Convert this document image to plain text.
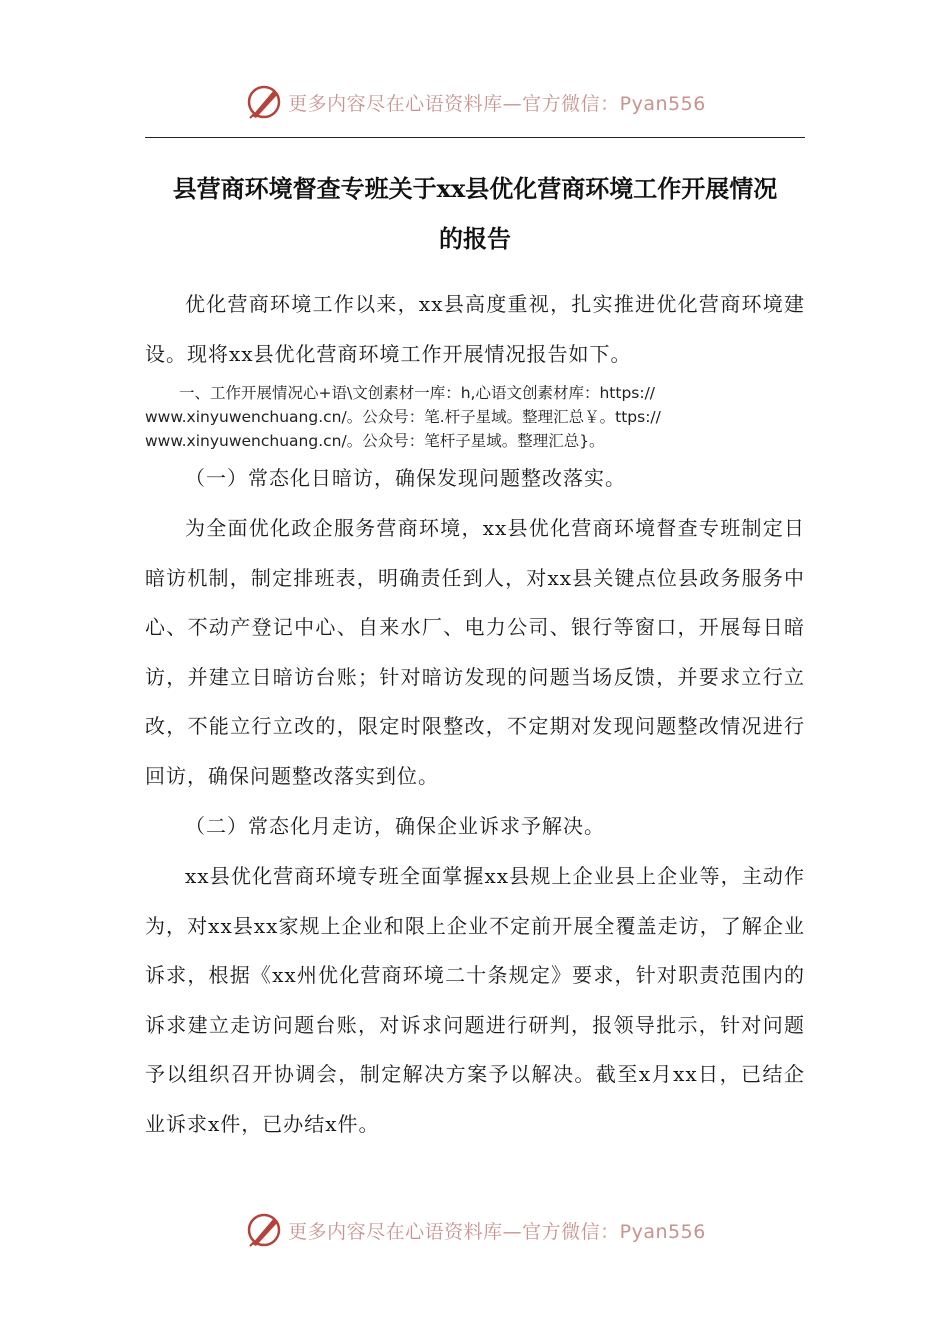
更多内容尽在心语资料库—官方微信：Pyan556
县营商环境督查专班关于xx县优化营商环境工作开展情况
的报告

优化营商环境工作以来，xx县高度重视，扎实推进优化营商环境建设。现将xx县优化营商环境工作开展情况报告如下。

一、工作开展情况心+语\文创素材一库：h,心语文创素材库：https://
www.xinyuwenchuang.cn/。公众号：笔.杆子星域。整理汇总￥。ttps://
www.xinyuwenchuang.cn/。公众号：笔杆子星域。整理汇总}。

（一）常态化日暗访，确保发现问题整改落实。

为全面优化政企服务营商环境，xx县优化营商环境督查专班制定日暗访机制，制定排班表，明确责任到人，对xx县关键点位县政务服务中心、不动产登记中心、自来水厂、电力公司、银行等窗口，开展每日暗访，并建立日暗访台账；针对暗访发现的问题当场反馈，并要求立行立改，不能立行立改的，限定时限整改，不定期对发现问题整改情况进行回访，确保问题整改落实到位。

（二）常态化月走访，确保企业诉求予解决。

xx县优化营商环境专班全面掌握xx县规上企业县上企业等，主动作为，对xx县xx家规上企业和限上企业不定前开展全覆盖走访，了解企业诉求，根据《xx州优化营商环境二十条规定》要求，针对职责范围内的诉求建立走访问题台账，对诉求问题进行研判，报领导批示，针对问题予以组织召开协调会，制定解决方案予以解决。截至x月xx日，已结企业诉求x件，已办结x件。

更多内容尽在心语资料库—官方微信：Pyan556
